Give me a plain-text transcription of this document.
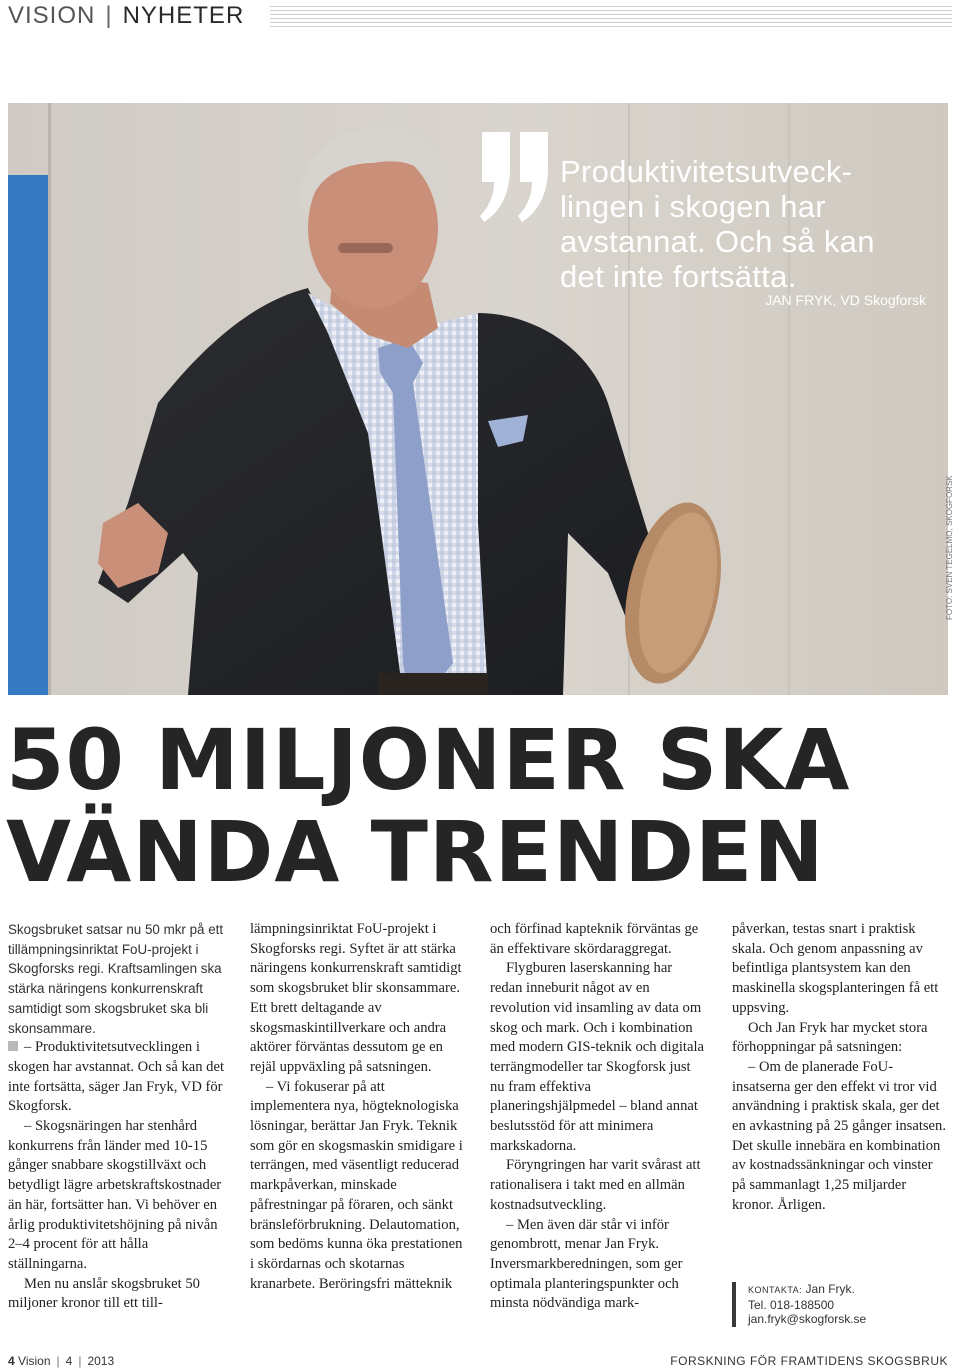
VISION | NYHETER
FOTO: SVEN TEGELMO, SKOGFORSK
Produktivitetsutveck-
lingen i skogen har
avstannat. Och så kan
det inte fortsätta.
JAN FRYK, VD Skogforsk
50 MILJONER SKA
VÄNDA TRENDEN

Skogsbruket satsar nu 50 mkr på ett tillämpningsinriktat FoU-projekt i Skogforsks regi. Kraftsamlingen ska stärka näringens konkurrenskraft samtidigt som skogsbruket ska bli skonsammare.

– Produktivitetsutvecklingen i skogen har avstannat. Och så kan det inte fortsätta, säger Jan Fryk, VD för Skogforsk.

– Skogsnäringen har stenhård konkurrens från länder med 10-15 gånger snabbare skogstillväxt och betydligt lägre arbetskraftskostnader än här, fortsätter han. Vi behöver en årlig produktivitetshöjning på nivån 2–4 procent för att hålla ställningarna.

Men nu anslår skogsbruket 50 miljoner kronor till ett till-

lämpningsinriktat FoU-projekt i Skogforsks regi. Syftet är att stärka näringens konkurrenskraft samtidigt som skogsbruket blir skonsammare. Ett brett deltagande av skogsmaskintillverkare och andra aktörer förväntas dessutom ge en rejäl uppväxling på satsningen.

– Vi fokuserar på att implementera nya, högteknologiska lösningar, berättar Jan Fryk. Teknik som gör en skogsmaskin smidigare i terrängen, med väsentligt reducerad markpåverkan, minskade påfrestningar på föraren, och sänkt bränsleförbrukning. Delautomation, som bedöms kunna öka prestationen i skördarnas och skotarnas kranarbete. Beröringsfri mätteknik

och förfinad kapteknik förväntas ge än effektivare skördaraggregat.

Flygburen laserskanning har redan inneburit något av en revolution vid insamling av data om skog och mark. Och i kombination med modern GIS-teknik och digitala terrängmodeller tar Skogforsk just nu fram effektiva planeringshjälpmedel – bland annat beslutsstöd för att minimera markskadorna.

Föryngringen har varit svårast att rationalisera i takt med en allmän kostnadsutveckling.

– Men även där står vi inför genombrott, menar Jan Fryk. Inversmarkberedningen, som ger optimala planteringspunkter och minsta nödvändiga mark-

påverkan, testas snart i praktisk skala. Och genom anpassning av befintliga plantsystem kan den maskinella skogsplanteringen få ett uppsving.

Och Jan Fryk har mycket stora förhoppningar på satsningen:

– Om de planerade FoU-insatserna ger den effekt vi tror vid användning i praktisk skala, ger det en avkastning på 25 gånger insatsen. Det skulle innebära en kombination av kostnadssänkningar och vinster på sammanlagt 1,25 miljarder kronor. Årligen.

KONTAKTA: Jan Fryk.
Tel. 018-188500
jan.fryk@skogforsk.se
4 Vision | 4 | 2013	FORSKNING FÖR FRAMTIDENS SKOGSBRUK
